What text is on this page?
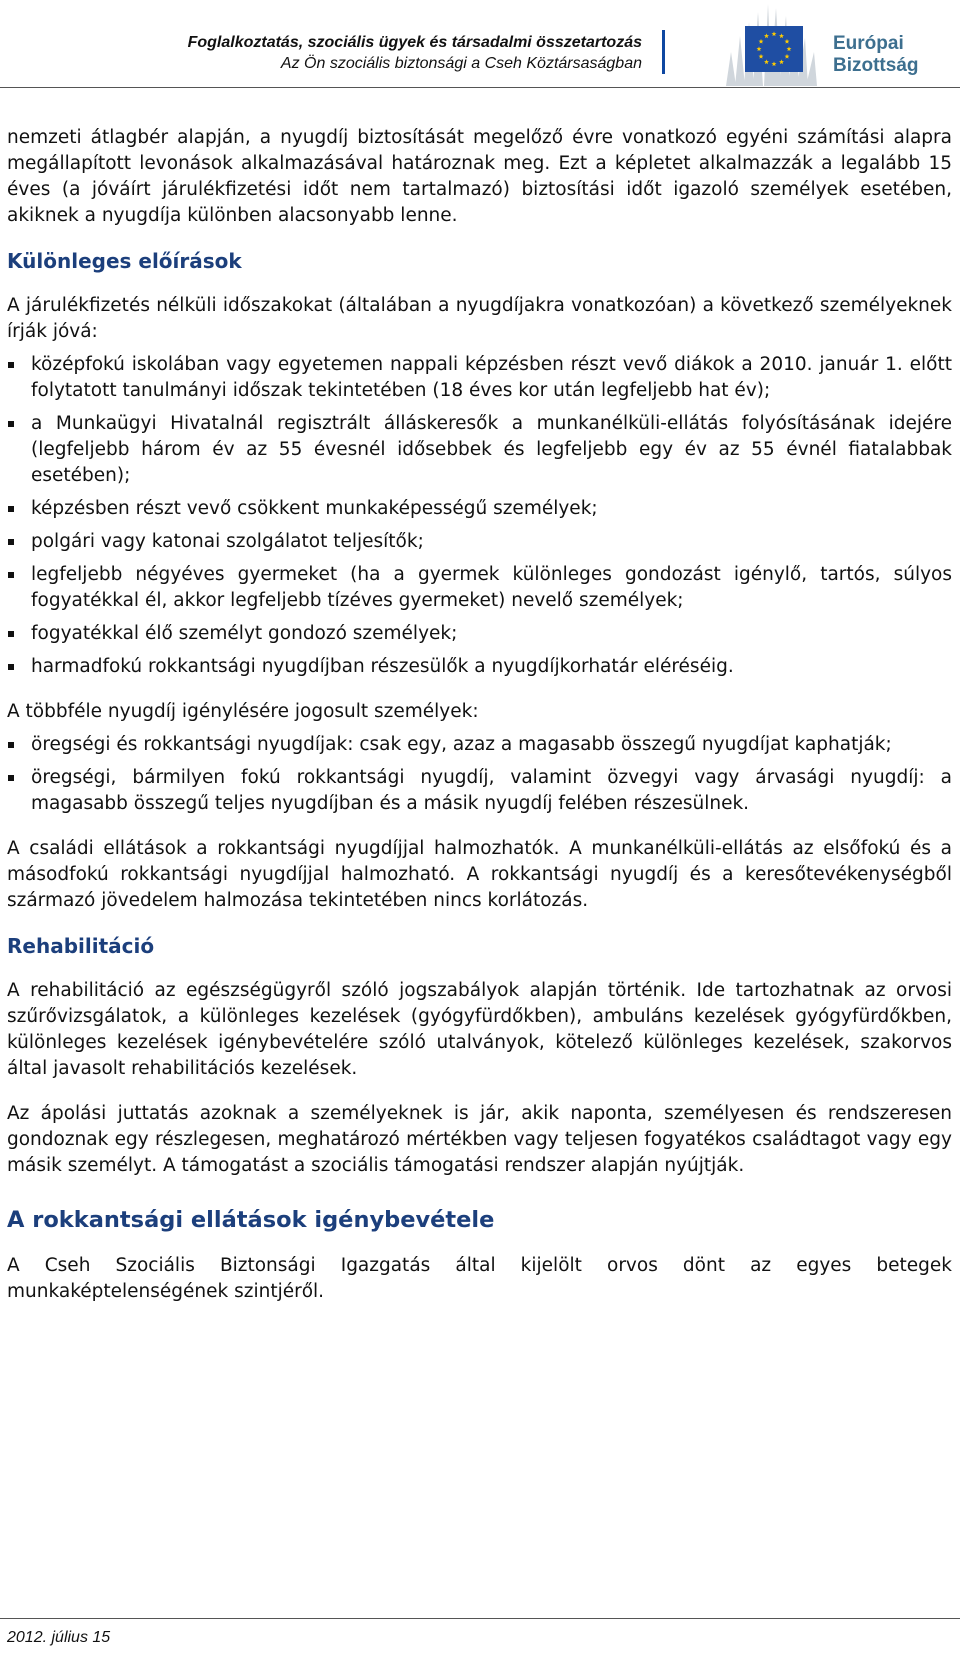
Foglalkoztatás, szociális ügyek és társadalmi összetartozás
Az Ön szociális biztonsági a Cseh Köztársaságban
Európai
Bizottság

nemzeti átlagbér alapján, a nyugdíj biztosítását megelőző évre vonatkozó egyéni számítási alapra megállapított levonások alkalmazásával határoznak meg. Ezt a képletet alkalmazzák a legalább 15 éves (a jóváírt járulékfizetési időt nem tartalmazó) biztosítási időt igazoló személyek esetében, akiknek a nyugdíja különben alacsonyabb lenne.

Különleges előírások

A járulékfizetés nélküli időszakokat (általában a nyugdíjakra vonatkozóan) a következő személyeknek írják jóvá:

középfokú iskolában vagy egyetemen nappali képzésben részt vevő diákok a 2010. január 1. előtt folytatott tanulmányi időszak tekintetében (18 éves kor után legfeljebb hat év);
a Munkaügyi Hivatalnál regisztrált álláskeresők a munkanélküli-ellátás folyósításának idejére (legfeljebb három év az 55 évesnél idősebbek és legfeljebb egy év az 55 évnél fiatalabbak esetében);
képzésben részt vevő csökkent munkaképességű személyek;
polgári vagy katonai szolgálatot teljesítők;
legfeljebb négyéves gyermeket (ha a gyermek különleges gondozást igénylő, tartós, súlyos fogyatékkal él, akkor legfeljebb tízéves gyermeket) nevelő személyek;
fogyatékkal élő személyt gondozó személyek;
harmadfokú rokkantsági nyugdíjban részesülők a nyugdíjkorhatár eléréséig.

A többféle nyugdíj igénylésére jogosult személyek:

öregségi és rokkantsági nyugdíjak: csak egy, azaz a magasabb összegű nyugdíjat kaphatják;
öregségi, bármilyen fokú rokkantsági nyugdíj, valamint özvegyi vagy árvasági nyugdíj: a magasabb összegű teljes nyugdíjban és a másik nyugdíj felében részesülnek.

A családi ellátások a rokkantsági nyugdíjjal halmozhatók. A munkanélküli-ellátás az elsőfokú és a másodfokú rokkantsági nyugdíjjal halmozható. A rokkantsági nyugdíj és a keresőtevékenységből származó jövedelem halmozása tekintetében nincs korlátozás.

Rehabilitáció

A rehabilitáció az egészségügyről szóló jogszabályok alapján történik. Ide tartozhatnak az orvosi szűrővizsgálatok, a különleges kezelések (gyógyfürdőkben), ambuláns kezelések gyógyfürdőkben, különleges kezelések igénybevételére szóló utalványok, kötelező különleges kezelések, szakorvos által javasolt rehabilitációs kezelések.

Az ápolási juttatás azoknak a személyeknek is jár, akik naponta, személyesen és rendszeresen gondoznak egy részlegesen, meghatározó mértékben vagy teljesen fogyatékos családtagot vagy egy másik személyt. A támogatást a szociális támogatási rendszer alapján nyújtják.

A rokkantsági ellátások igénybevétele

A Cseh Szociális Biztonsági Igazgatás által kijelölt orvos dönt az egyes betegek munkaképtelenségének szintjéről.

2012. július 15
